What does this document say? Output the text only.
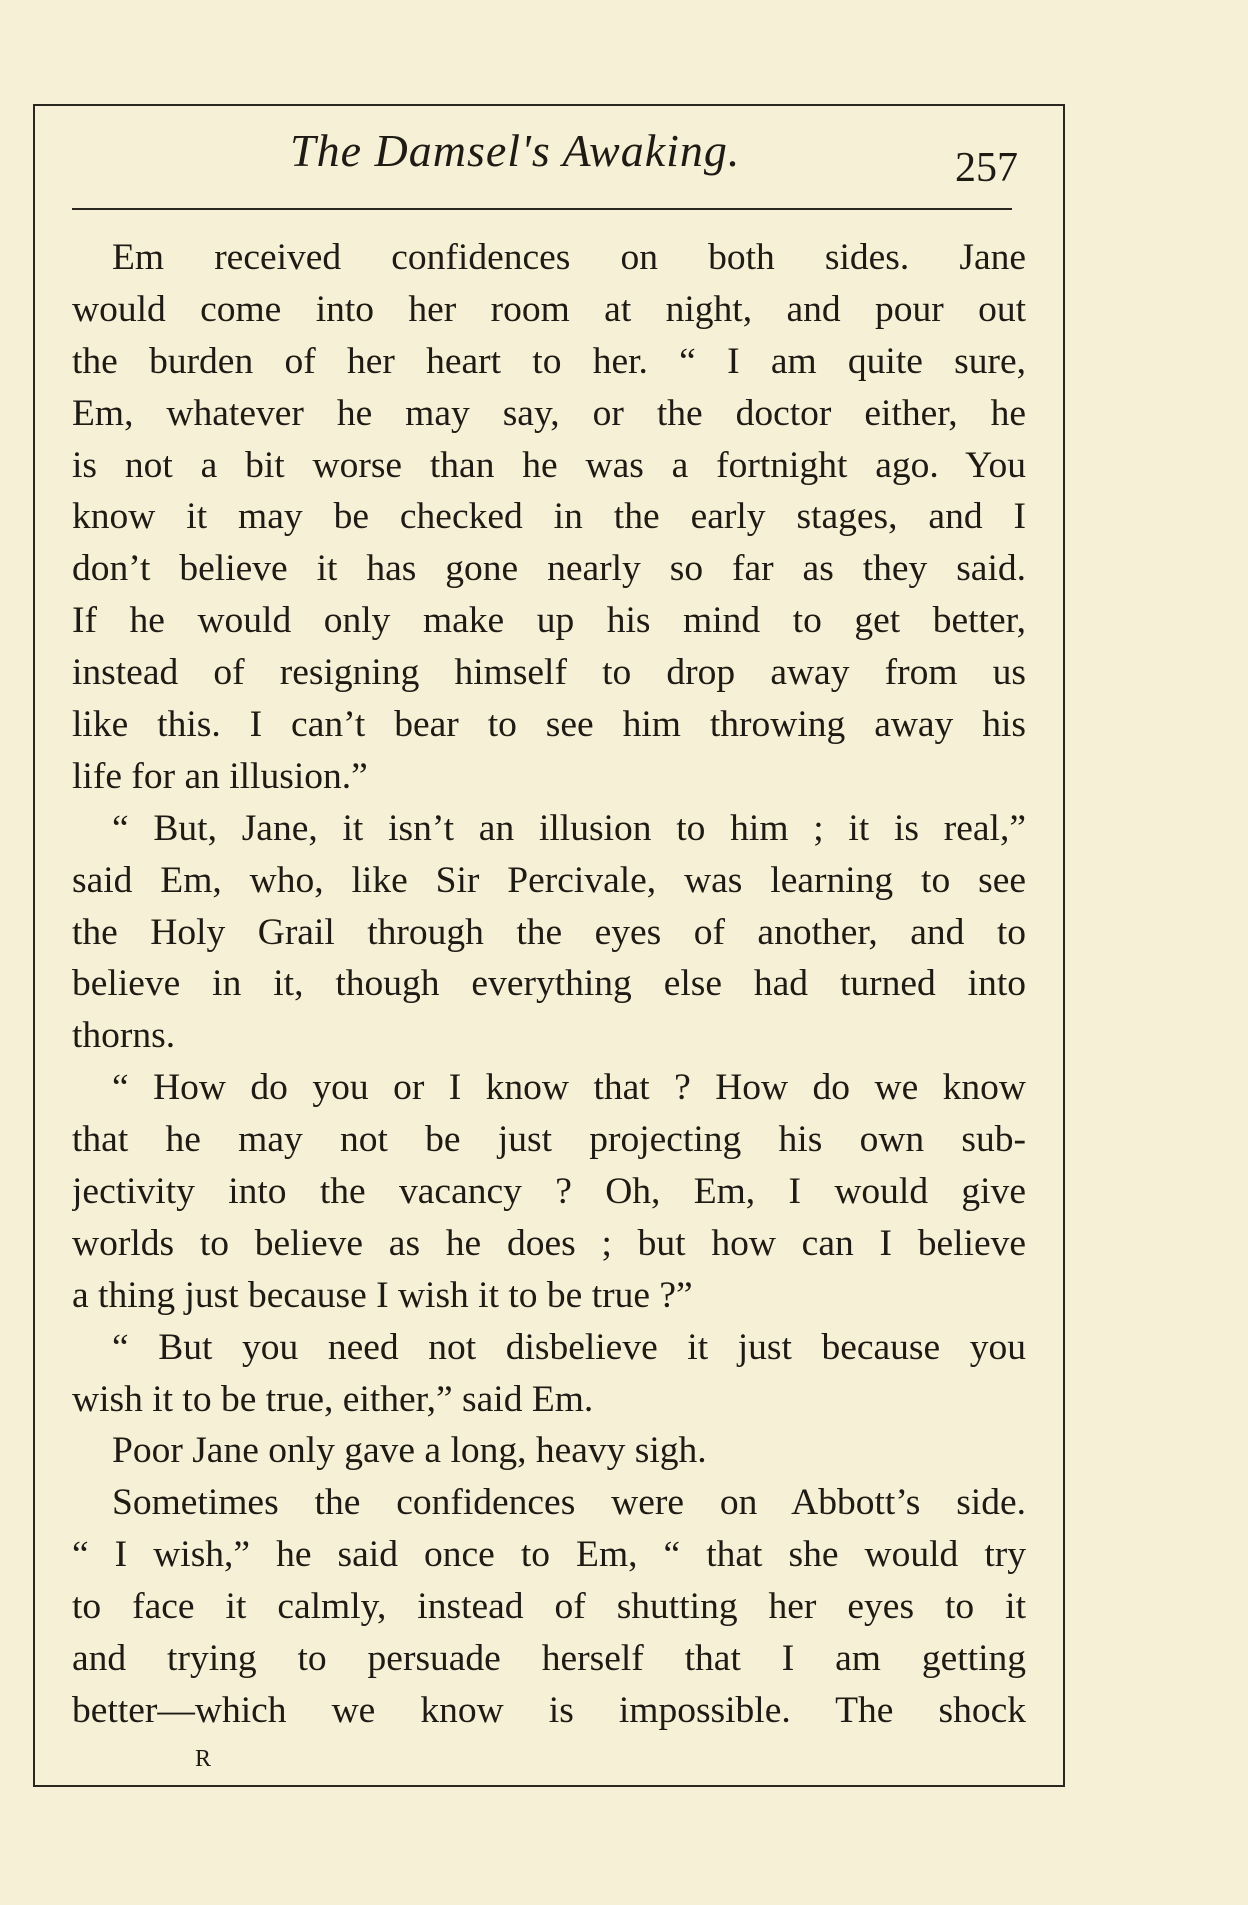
The Damsel's Awaking.	257
Em received confidences on both sides. Jane
would come into her room at night, and pour out
the burden of her heart to her. “ I am quite sure,
Em, whatever he may say, or the doctor either, he
is not a bit worse than he was a fortnight ago. You
know it may be checked in the early stages, and I
don’t believe it has gone nearly so far as they said.
If he would only make up his mind to get better,
instead of resigning himself to drop away from us
like this. I can’t bear to see him throwing away his
life for an illusion.”
“ But, Jane, it isn’t an illusion to him ; it is real,”
said Em, who, like Sir Percivale, was learning to see
the Holy Grail through the eyes of another, and to
believe in it, though everything else had turned into
thorns.
“ How do you or I know that ? How do we know
that he may not be just projecting his own sub-
jectivity into the vacancy ? Oh, Em, I would give
worlds to believe as he does ; but how can I believe
a thing just because I wish it to be true ?”
“ But you need not disbelieve it just because you
wish it to be true, either,” said Em.
Poor Jane only gave a long, heavy sigh.
Sometimes the confidences were on Abbott’s side.
“ I wish,” he said once to Em, “ that she would try
to face it calmly, instead of shutting her eyes to it
and trying to persuade herself that I am getting
better—which we know is impossible. The shock
R
